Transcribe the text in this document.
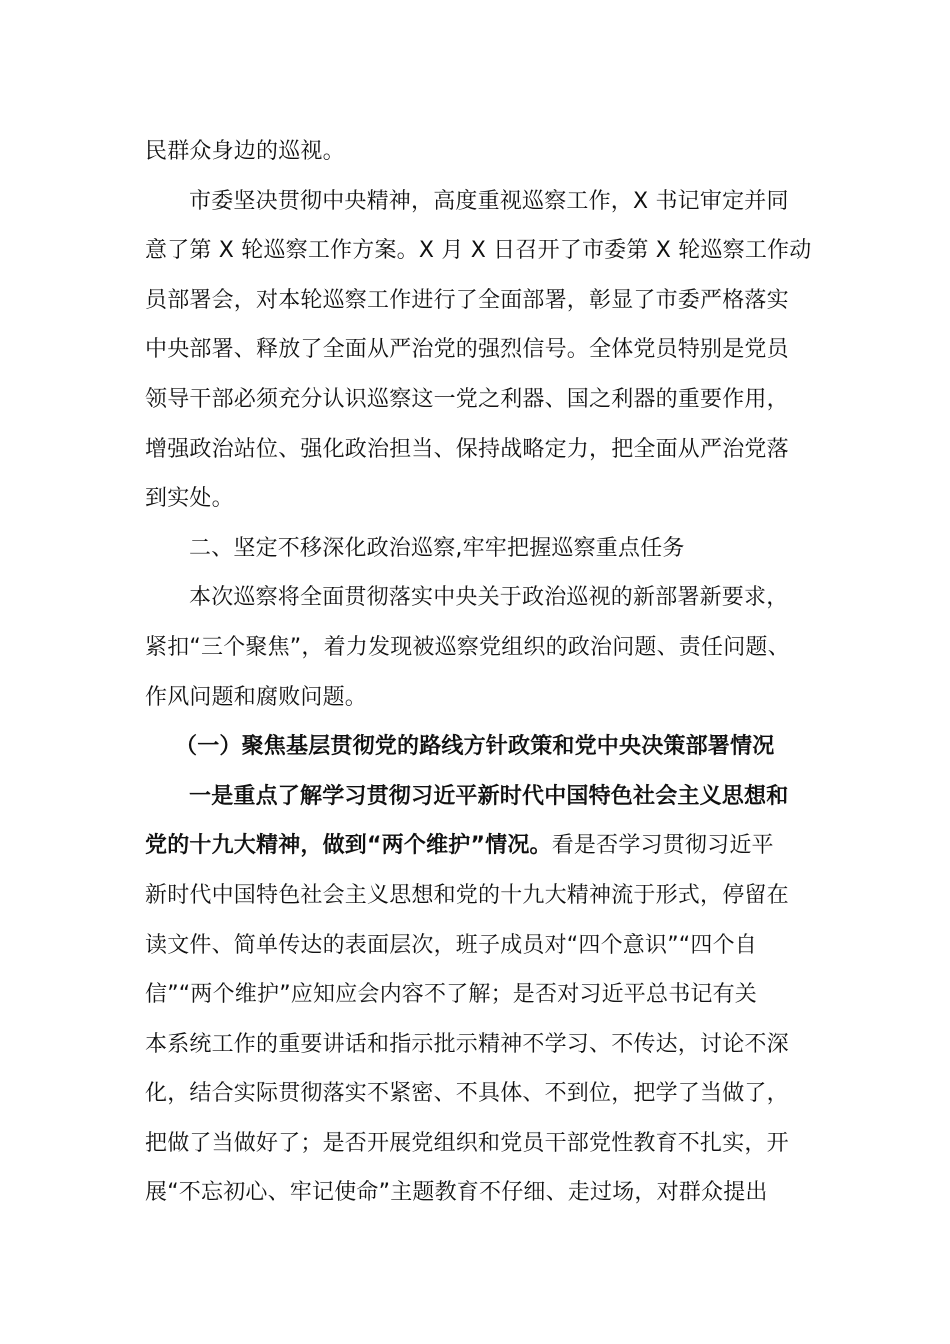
民群众身边的巡视。
市委坚决贯彻中央精神，高度重视巡察工作，X 书记审定并同
意了第 X 轮巡察工作方案。X 月 X 日召开了市委第 X 轮巡察工作动
员部署会，对本轮巡察工作进行了全面部署，彰显了市委严格落实
中央部署、释放了全面从严治党的强烈信号。全体党员特别是党员
领导干部必须充分认识巡察这一党之利器、国之利器的重要作用，
增强政治站位、强化政治担当、保持战略定力，把全面从严治党落
到实处。
二、坚定不移深化政治巡察,牢牢把握巡察重点任务
本次巡察将全面贯彻落实中央关于政治巡视的新部署新要求，
紧扣“三个聚焦”，着力发现被巡察党组织的政治问题、责任问题、
作风问题和腐败问题。
（一）聚焦基层贯彻党的路线方针政策和党中央决策部署情况
一是重点了解学习贯彻习近平新时代中国特色社会主义思想和
党的十九大精神，做到“两个维护”情况。看是否学习贯彻习近平
新时代中国特色社会主义思想和党的十九大精神流于形式，停留在
读文件、简单传达的表面层次，班子成员对“四个意识”“四个自
信”“两个维护”应知应会内容不了解；是否对习近平总书记有关
本系统工作的重要讲话和指示批示精神不学习、不传达，讨论不深
化，结合实际贯彻落实不紧密、不具体、不到位，把学了当做了，
把做了当做好了；是否开展党组织和党员干部党性教育不扎实，开
展“不忘初心、牢记使命”主题教育不仔细、走过场，对群众提出
